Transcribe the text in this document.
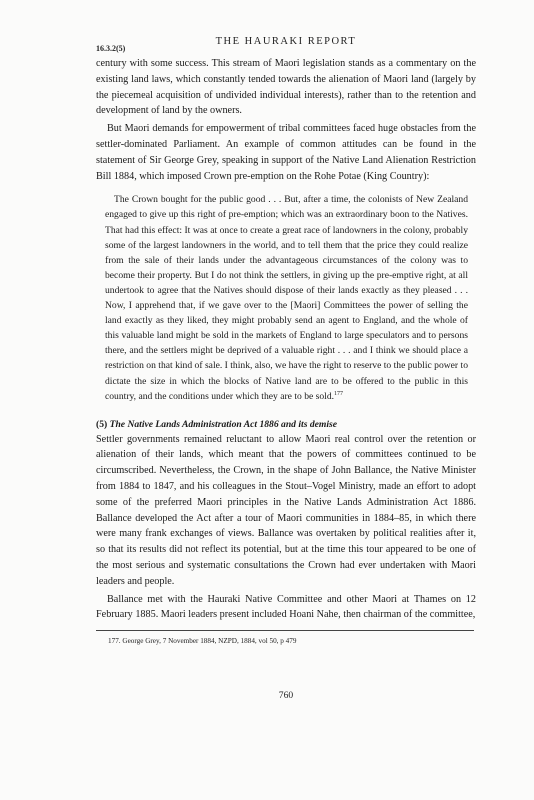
THE HAURAKI REPORT
16.3.2(5)

century with some success. This stream of Maori legislation stands as a commentary on the existing land laws, which constantly tended towards the alienation of Maori land (largely by the piecemeal acquisition of undivided individual interests), rather than to the retention and development of land by the owners.

But Maori demands for empowerment of tribal committees faced huge obstacles from the settler-dominated Parliament. An example of common attitudes can be found in the statement of Sir George Grey, speaking in support of the Native Land Alienation Restriction Bill 1884, which imposed Crown pre-emption on the Rohe Potae (King Country):

The Crown bought for the public good . . . But, after a time, the colonists of New Zealand engaged to give up this right of pre-emption; which was an extraordinary boon to the Natives. That had this effect: It was at once to create a great race of landowners in the colony, probably some of the largest landowners in the world, and to tell them that the price they could realize from the sale of their lands under the advantageous circumstances of the colony was to become their property. But I do not think the settlers, in giving up the pre-emptive right, at all undertook to agree that the Natives should dispose of their lands exactly as they pleased . . . Now, I apprehend that, if we gave over to the [Maori] Committees the power of selling the land exactly as they liked, they might probably send an agent to England, and the whole of this valuable land might be sold in the markets of England to large speculators and to persons there, and the settlers might be deprived of a valuable right . . . and I think we should place a restriction on that kind of sale. I think, also, we have the right to reserve to the public power to dictate the size in which the blocks of Native land are to be offered to the public in this country, and the conditions under which they are to be sold.$^{177}$

(5) The Native Lands Administration Act 1886 and its demise

Settler governments remained reluctant to allow Maori real control over the retention or alienation of their lands, which meant that the powers of committees continued to be circumscribed. Nevertheless, the Crown, in the shape of John Ballance, the Native Minister from 1884 to 1847, and his colleagues in the Stout–Vogel Ministry, made an effort to adopt some of the preferred Maori principles in the Native Lands Administration Act 1886. Ballance developed the Act after a tour of Maori communities in 1884–85, in which there were many frank exchanges of views. Ballance was overtaken by political realities after it, so that its results did not reflect its potential, but at the time this tour appeared to be one of the most serious and systematic consultations the Crown had ever undertaken with Maori leaders and people.

Ballance met with the Hauraki Native Committee and other Maori at Thames on 12 February 1885. Maori leaders present included Hoani Nahe, then chairman of the committee,

177. George Grey, 7 November 1884, NZPD, 1884, vol 50, p 479
760
